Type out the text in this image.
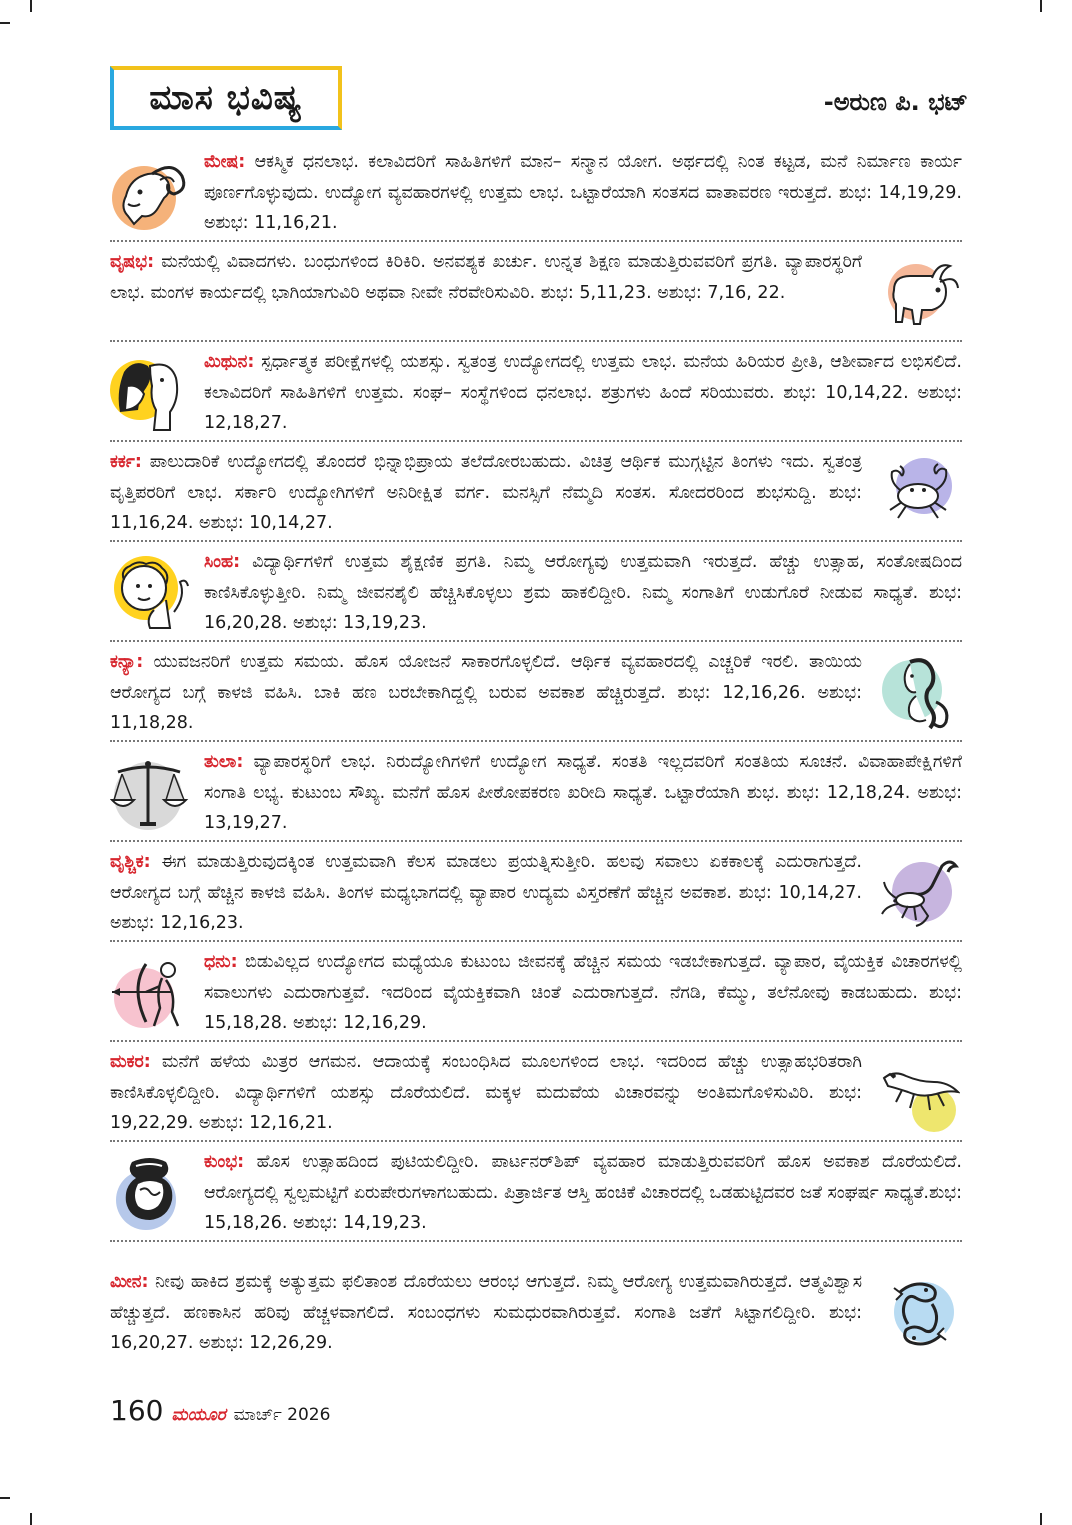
ಮಾಸ ಭವಿಷ್ಯ	-ಅರುಣ ಪಿ. ಭಟ್

ಮೇಷ: ಆಕಸ್ಮಿಕ ಧನಲಾಭ. ಕಲಾವಿದರಿಗೆ ಸಾಹಿತಿಗಳಿಗೆ ಮಾನ– ಸನ್ಮಾನ ಯೋಗ. ಅರ್ಥದಲ್ಲಿ ನಿಂತ ಕಟ್ಟಡ, ಮನೆ ನಿರ್ಮಾಣ ಕಾರ್ಯ ಪೂರ್ಣಗೊಳ್ಳುವುದು. ಉದ್ಯೋಗ ವ್ಯವಹಾರಗಳಲ್ಲಿ ಉತ್ತಮ ಲಾಭ. ಒಟ್ಟಾರೆಯಾಗಿ ಸಂತಸದ ವಾತಾವರಣ ಇರುತ್ತದೆ. ಶುಭ: 14,19,29. ಅಶುಭ: 11,16,21.

ವೃಷಭ: ಮನೆಯಲ್ಲಿ ವಿವಾದಗಳು. ಬಂಧುಗಳಿಂದ ಕಿರಿಕಿರಿ. ಅನವಶ್ಯಕ ಖರ್ಚು. ಉನ್ನತ ಶಿಕ್ಷಣ ಮಾಡುತ್ತಿರುವವರಿಗೆ ಪ್ರಗತಿ. ವ್ಯಾಪಾರಸ್ಥರಿಗೆ ಲಾಭ. ಮಂಗಳ ಕಾರ್ಯದಲ್ಲಿ ಭಾಗಿಯಾಗುವಿರಿ ಅಥವಾ ನೀವೇ ನೆರವೇರಿಸುವಿರಿ. ಶುಭ: 5,11,23. ಅಶುಭ: 7,16, 22.

ಮಿಥುನ: ಸ್ಪರ್ಧಾತ್ಮಕ ಪರೀಕ್ಷೆಗಳಲ್ಲಿ ಯಶಸ್ಸು. ಸ್ವತಂತ್ರ ಉದ್ಯೋಗದಲ್ಲಿ ಉತ್ತಮ ಲಾಭ. ಮನೆಯ ಹಿರಿಯರ ಪ್ರೀತಿ, ಆಶೀರ್ವಾದ ಲಭಿಸಲಿದೆ. ಕಲಾವಿದರಿಗೆ ಸಾಹಿತಿಗಳಿಗೆ ಉತ್ತಮ. ಸಂಘ– ಸಂಸ್ಥೆಗಳಿಂದ ಧನಲಾಭ. ಶತ್ರುಗಳು ಹಿಂದೆ ಸರಿಯುವರು. ಶುಭ: 10,14,22. ಅಶುಭ: 12,18,27.

ಕರ್ಕ: ಪಾಲುದಾರಿಕೆ ಉದ್ಯೋಗದಲ್ಲಿ ತೊಂದರೆ ಭಿನ್ನಾಭಿಪ್ರಾಯ ತಲೆದೋರಬಹುದು. ವಿಚಿತ್ರ ಆರ್ಥಿಕ ಮುಗ್ಗಟ್ಟಿನ ತಿಂಗಳು ಇದು. ಸ್ವತಂತ್ರ ವೃತ್ತಿಪರರಿಗೆ ಲಾಭ. ಸರ್ಕಾರಿ ಉದ್ಯೋಗಿಗಳಿಗೆ ಅನಿರೀಕ್ಷಿತ ವರ್ಗ. ಮನಸ್ಸಿಗೆ ನೆಮ್ಮದಿ ಸಂತಸ. ಸೋದರರಿಂದ ಶುಭಸುದ್ದಿ. ಶುಭ: 11,16,24. ಅಶುಭ: 10,14,27.

ಸಿಂಹ: ವಿದ್ಯಾರ್ಥಿಗಳಿಗೆ ಉತ್ತಮ ಶೈಕ್ಷಣಿಕ ಪ್ರಗತಿ. ನಿಮ್ಮ ಆರೋಗ್ಯವು ಉತ್ತಮವಾಗಿ ಇರುತ್ತದೆ. ಹೆಚ್ಚು ಉತ್ಸಾಹ, ಸಂತೋಷದಿಂದ ಕಾಣಿಸಿಕೊಳ್ಳುತ್ತೀರಿ. ನಿಮ್ಮ ಜೀವನಶೈಲಿ ಹೆಚ್ಚಿಸಿಕೊಳ್ಳಲು ಶ್ರಮ ಹಾಕಲಿದ್ದೀರಿ. ನಿಮ್ಮ ಸಂಗಾತಿಗೆ ಉಡುಗೊರೆ ನೀಡುವ ಸಾಧ್ಯತೆ. ಶುಭ: 16,20,28. ಅಶುಭ: 13,19,23.

ಕನ್ಯಾ: ಯುವಜನರಿಗೆ ಉತ್ತಮ ಸಮಯ. ಹೊಸ ಯೋಜನೆ ಸಾಕಾರಗೊಳ್ಳಲಿದೆ. ಆರ್ಥಿಕ ವ್ಯವಹಾರದಲ್ಲಿ ಎಚ್ಚರಿಕೆ ಇರಲಿ. ತಾಯಿಯ ಆರೋಗ್ಯದ ಬಗ್ಗೆ ಕಾಳಜಿ ವಹಿಸಿ. ಬಾಕಿ ಹಣ ಬರಬೇಕಾಗಿದ್ದಲ್ಲಿ ಬರುವ ಅವಕಾಶ ಹೆಚ್ಚಿರುತ್ತದೆ. ಶುಭ: 12,16,26. ಅಶುಭ: 11,18,28.

ತುಲಾ: ವ್ಯಾಪಾರಸ್ಥರಿಗೆ ಲಾಭ. ನಿರುದ್ಯೋಗಿಗಳಿಗೆ ಉದ್ಯೋಗ ಸಾಧ್ಯತೆ. ಸಂತತಿ ಇಲ್ಲದವರಿಗೆ ಸಂತತಿಯ ಸೂಚನೆ. ವಿವಾಹಾಪೇಕ್ಷಿಗಳಿಗೆ ಸಂಗಾತಿ ಲಭ್ಯ. ಕುಟುಂಬ ಸೌಖ್ಯ. ಮನೆಗೆ ಹೊಸ ಪೀಠೋಪಕರಣ ಖರೀದಿ ಸಾಧ್ಯತೆ. ಒಟ್ಟಾರೆಯಾಗಿ ಶುಭ. ಶುಭ: 12,18,24. ಅಶುಭ: 13,19,27.

ವೃಶ್ಚಿಕ: ಈಗ ಮಾಡುತ್ತಿರುವುದಕ್ಕಿಂತ ಉತ್ತಮವಾಗಿ ಕೆಲಸ ಮಾಡಲು ಪ್ರಯತ್ನಿಸುತ್ತೀರಿ. ಹಲವು ಸವಾಲು ಏಕಕಾಲಕ್ಕೆ ಎದುರಾಗುತ್ತದೆ. ಆರೋಗ್ಯದ ಬಗ್ಗೆ ಹೆಚ್ಚಿನ ಕಾಳಜಿ ವಹಿಸಿ. ತಿಂಗಳ ಮಧ್ಯಭಾಗದಲ್ಲಿ ವ್ಯಾಪಾರ ಉದ್ಯಮ ವಿಸ್ತರಣೆಗೆ ಹೆಚ್ಚಿನ ಅವಕಾಶ. ಶುಭ: 10,14,27. ಅಶುಭ: 12,16,23.

ಧನು: ಬಿಡುವಿಲ್ಲದ ಉದ್ಯೋಗದ ಮಧ್ಯೆಯೂ ಕುಟುಂಬ ಜೀವನಕ್ಕೆ ಹೆಚ್ಚಿನ ಸಮಯ ಇಡಬೇಕಾಗುತ್ತದೆ. ವ್ಯಾಪಾರ, ವೈಯಕ್ತಿಕ ವಿಚಾರಗಳಲ್ಲಿ ಸವಾಲುಗಳು ಎದುರಾಗುತ್ತವೆ. ಇದರಿಂದ ವೈಯಕ್ತಿಕವಾಗಿ ಚಿಂತೆ ಎದುರಾಗುತ್ತದೆ. ನೆಗಡಿ, ಕೆಮ್ಮು, ತಲೆನೋವು ಕಾಡಬಹುದು. ಶುಭ: 15,18,28. ಅಶುಭ: 12,16,29.

ಮಕರ: ಮನೆಗೆ ಹಳೆಯ ಮಿತ್ರರ ಆಗಮನ. ಆದಾಯಕ್ಕೆ ಸಂಬಂಧಿಸಿದ ಮೂಲಗಳಿಂದ ಲಾಭ. ಇದರಿಂದ ಹೆಚ್ಚು ಉತ್ಸಾಹಭರಿತರಾಗಿ ಕಾಣಿಸಿಕೊಳ್ಳಲಿದ್ದೀರಿ. ವಿದ್ಯಾರ್ಥಿಗಳಿಗೆ ಯಶಸ್ಸು ದೊರೆಯಲಿದೆ. ಮಕ್ಕಳ ಮದುವೆಯ ವಿಚಾರವನ್ನು ಅಂತಿಮಗೊಳಿಸುವಿರಿ. ಶುಭ: 19,22,29. ಅಶುಭ: 12,16,21.

ಕುಂಭ: ಹೊಸ ಉತ್ಸಾಹದಿಂದ ಪುಟಿಯಲಿದ್ದೀರಿ. ಪಾರ್ಟನರ್‌ಶಿಪ್ ವ್ಯವಹಾರ ಮಾಡುತ್ತಿರುವವರಿಗೆ ಹೊಸ ಅವಕಾಶ ದೊರೆಯಲಿದೆ. ಆರೋಗ್ಯದಲ್ಲಿ ಸ್ವಲ್ಪಮಟ್ಟಿಗೆ ಏರುಪೇರುಗಳಾಗಬಹುದು. ಪಿತ್ರಾರ್ಜಿತ ಆಸ್ತಿ ಹಂಚಿಕೆ ವಿಚಾರದಲ್ಲಿ ಒಡಹುಟ್ಟಿದವರ ಜತೆ ಸಂಘರ್ಷ ಸಾಧ್ಯತೆ.ಶುಭ: 15,18,26. ಅಶುಭ: 14,19,23.

ಮೀನ: ನೀವು ಹಾಕಿದ ಶ್ರಮಕ್ಕೆ ಅತ್ಯುತ್ತಮ ಫಲಿತಾಂಶ ದೊರೆಯಲು ಆರಂಭ ಆಗುತ್ತದೆ. ನಿಮ್ಮ ಆರೋಗ್ಯ ಉತ್ತಮವಾಗಿರುತ್ತದೆ. ಆತ್ಮವಿಶ್ವಾಸ ಹೆಚ್ಚುತ್ತದೆ. ಹಣಕಾಸಿನ ಹರಿವು ಹೆಚ್ಚಳವಾಗಲಿದೆ. ಸಂಬಂಧಗಳು ಸುಮಧುರವಾಗಿರುತ್ತವೆ. ಸಂಗಾತಿ ಜತೆಗೆ ಸಿಟ್ಟಾಗಲಿದ್ದೀರಿ. ಶುಭ: 16,20,27. ಅಶುಭ: 12,26,29.

160 ಮಯೂರ ಮಾರ್ಚ್ 2026
